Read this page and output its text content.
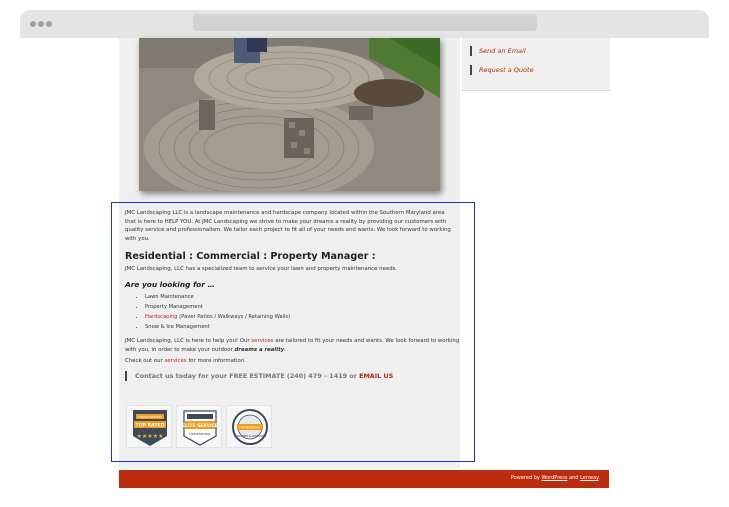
Send an Email
Request a Quote

JMC Landscaping LLC is a landscape maintenance and hardscape company located within the Southern Maryland area that is here to HELP YOU. At JMC Landscaping we strive to make your dreams a reality by providing our customers with quality service and professionalism. We tailor each project to fit all of your needs and wants. We look forward to working with you.

Residential : Commercial : Property Manager :

JMC Landscaping, LLC has a specialized team to service your lawn and property maintenance needs.

Are you looking for …
• Lawn Maintenance
• Property Management
• Hardscaping (Paver Patios / Walkways / Retaining Walls)
• Snow & Ice Management

JMC Landscaping, LLC is here to help you! Our services are tailored to fit your needs and wants. We look forward to working with you, in order to make your outdoor dreams a reality.

Check out our services for more information.

Contact us today for your FREE ESTIMATE (240) 479 – 1419 or EMAIL US
HomeAdvisor
TOP RATED
★★★★★
ELITE SERVICE
HomeAdvisor
HomeAdvisor
SCREENED & APPROVED
Powered by WordPress and Lenway.
